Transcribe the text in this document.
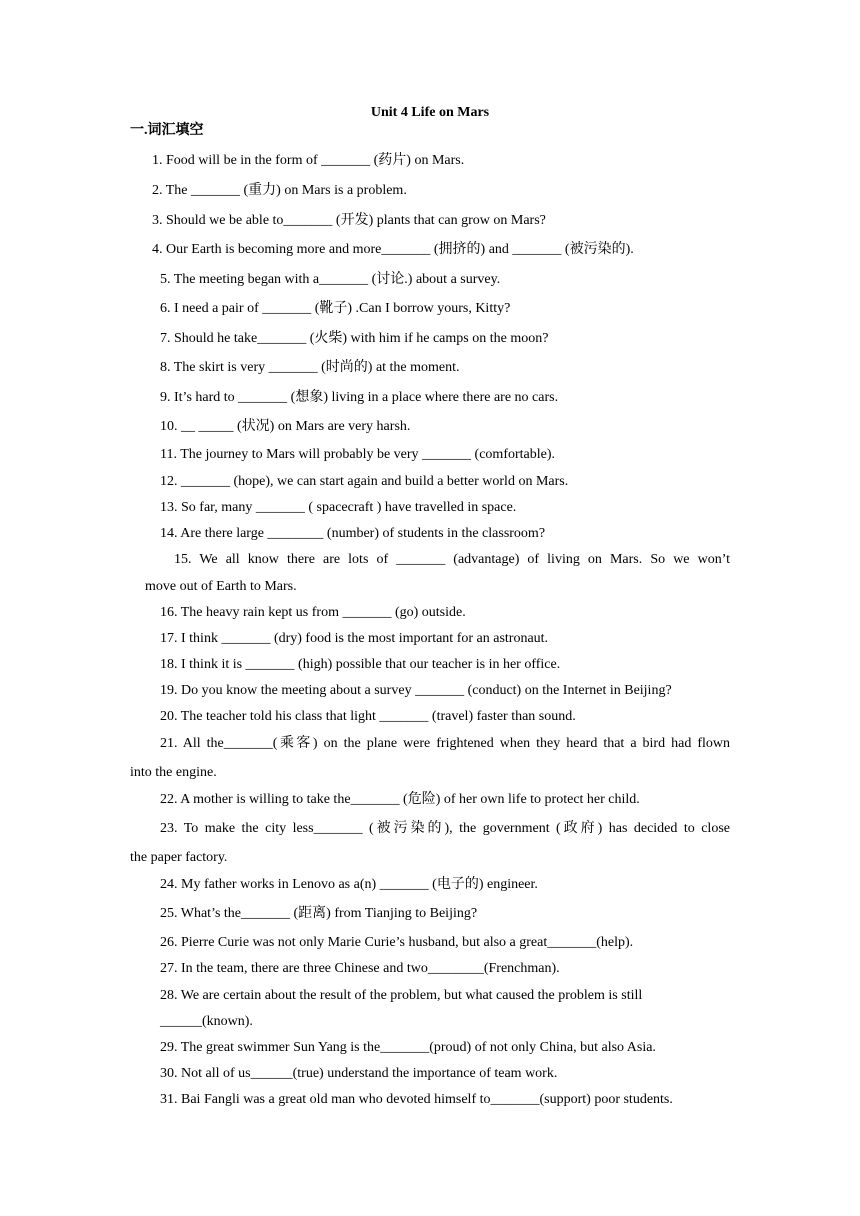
Unit 4 Life on Mars
一.词汇填空
1. Food will be in the form of _______ (药片) on Mars.
2. The _______ (重力) on Mars is a problem.
3. Should we be able to_______ (开发) plants that can grow on Mars?
4. Our Earth is becoming more and more_______ (拥挤的) and _______ (被污染的).
5. The meeting began with a_______ (讨论.) about a survey.
6. I need a pair of _______ (靴子) .Can I borrow yours, Kitty?
7. Should he take_______ (火柴) with him if he camps on the moon?
8. The skirt is very _______ (时尚的) at the moment.
9. It’s hard to _______ (想象) living in a place where there are no cars.
10. __ _____ (状况) on Mars are very harsh.
11. The journey to Mars will probably be very _______ (comfortable).
12. _______ (hope), we can start again and build a better world on Mars.
13. So far, many _______ ( spacecraft ) have travelled in space.
14. Are there large ________ (number) of students in the classroom?
15. We all know there are lots of _______ (advantage) of living on Mars. So we won’t
move out of Earth to Mars.
16. The heavy rain kept us from _______ (go) outside.
17. I think _______ (dry) food is the most important for an astronaut.
18. I think it is _______ (high) possible that our teacher is in her office.
19. Do you know the meeting about a survey _______ (conduct) on the Internet in Beijing?
20. The teacher told his class that light _______ (travel) faster than sound.
21. All the_______(乘客) on the plane were frightened when they heard that a bird had flown
into the engine.
22. A mother is willing to take the_______ (危险) of her own life to protect her child.
23. To make the city less_______ (被污染的), the government (政府) has decided to close
the paper factory.
24. My father works in Lenovo as a(n) _______ (电子的) engineer.
25. What’s the_______ (距离) from Tianjing to Beijing?
26. Pierre Curie was not only Marie Curie’s husband, but also a great_______(help).
27. In the team, there are three Chinese and two________(Frenchman).
28. We are certain about the result of the problem, but what caused the problem is still
______(known).
29. The great swimmer Sun Yang is the_______(proud) of not only China, but also Asia.
30. Not all of us______(true) understand the importance of team work.
31. Bai Fangli was a great old man who devoted himself to_______(support) poor students.
